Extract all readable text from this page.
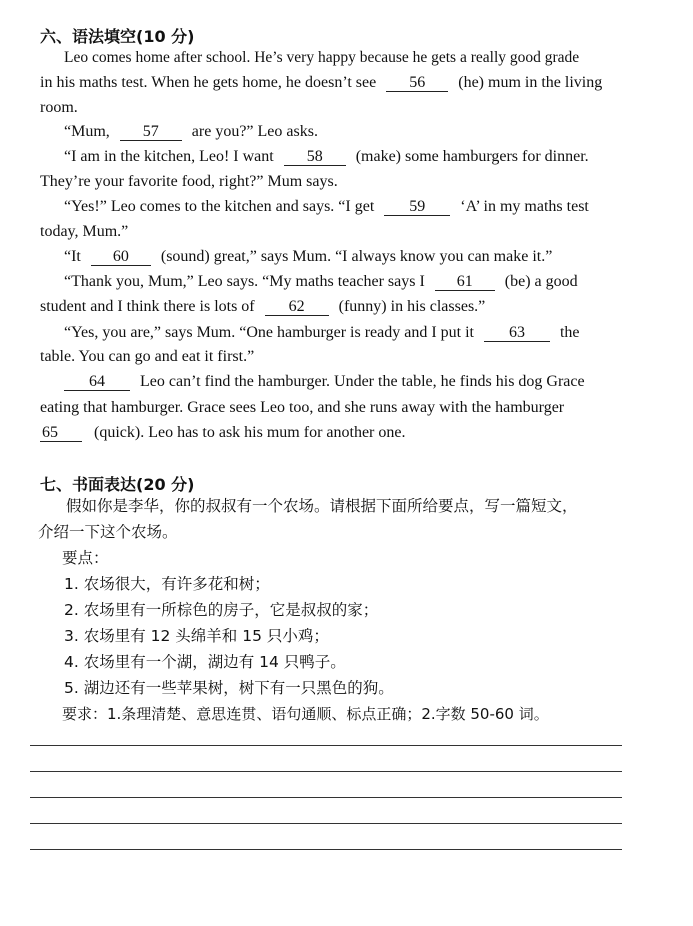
六、语法填空(10 分)
Leo comes home after school. He’s very happy because he gets a really good grade
in his maths test. When he gets home, he doesn’t see 56 (he) mum in the living
room.
“Mum, 57 are you?” Leo asks.
“I am in the kitchen, Leo! I want 58 (make) some hamburgers for dinner.
They’re your favorite food, right?” Mum says.
“Yes!” Leo comes to the kitchen and says. “I get 59 ‘A’ in my maths test
today, Mum.”
“It 60 (sound) great,” says Mum. “I always know you can make it.”
“Thank you, Mum,” Leo says. “My maths teacher says I 61 (be) a good
student and I think there is lots of 62 (funny) in his classes.”
“Yes, you are,” says Mum. “One hamburger is ready and I put it 63 the
table. You can go and eat it first.”
64 Leo can’t find the hamburger. Under the table, he finds his dog Grace
eating that hamburger. Grace sees Leo too, and she runs away with the hamburger
65 (quick). Leo has to ask his mum for another one.
七、书面表达(20 分)
假如你是李华，你的叔叔有一个农场。请根据下面所给要点，写一篇短文，
介绍一下这个农场。
要点：
1. 农场很大，有许多花和树；
2. 农场里有一所棕色的房子，它是叔叔的家；
3. 农场里有 12 头绵羊和 15 只小鸡；
4. 农场里有一个湖，湖边有 14 只鸭子。
5. 湖边还有一些苹果树，树下有一只黑色的狗。
要求：1.条理清楚、意思连贯、语句通顺、标点正确；2.字数 50-60 词。
